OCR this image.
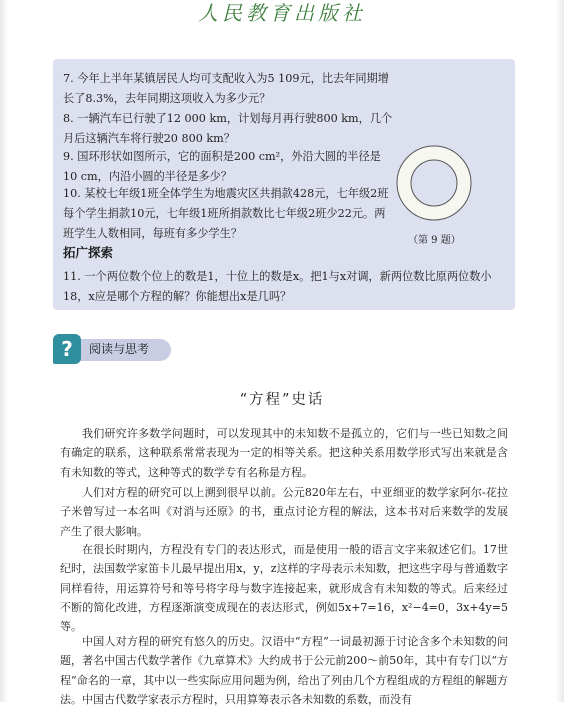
人民教育出版社
7. 今年上半年某镇居民人均可支配收入为5 109元，比去年同期增长了8.3%，去年同期这项收入为多少元？
8. 一辆汽车已行驶了12 000 km，计划每月再行驶800 km，几个月后这辆汽车将行驶20 800 km？
9. 国环形状如图所示，它的面积是200 cm²，外沿大圆的半径是10 cm，内沿小圆的半径是多少？
10. 某校七年级1班全体学生为地震灾区共捐款428元，七年级2班每个学生捐款10元，七年级1班所捐款数比七年级2班少22元。两班学生人数相同，每班有多少学生？
（第 9 题）
拓广探索
11. 一个两位数个位上的数是1，十位上的数是x。把1与x对调，新两位数比原两位数小18，x应是哪个方程的解？你能想出x是几吗？
?	阅读与思考
“方程”史话
我们研究许多数学问题时，可以发现其中的未知数不是孤立的，它们与一些已知数之间有确定的联系，这种联系常常表现为一定的相等关系。把这种关系用数学形式写出来就是含有未知数的等式，这种等式的数学专有名称是方程。
人们对方程的研究可以上溯到很早以前。公元820年左右，中亚细亚的数学家阿尔-花拉子米曾写过一本名叫《对消与还原》的书，重点讨论方程的解法，这本书对后来数学的发展产生了很大影响。
在很长时期内，方程没有专门的表达形式，而是使用一般的语言文字来叙述它们。17世纪时，法国数学家笛卡儿最早提出用x，y，z这样的字母表示未知数，把这些字母与普通数字同样看待，用运算符号和等号将字母与数字连接起来，就形成含有未知数的等式。后来经过不断的简化改进，方程逐渐演变成现在的表达形式，例如5x+7=16，x²−4=0，3x+4y=5等。
中国人对方程的研究有悠久的历史。汉语中“方程”一词最初源于讨论含多个未知数的问题，著名中国古代数学著作《九章算术》大约成书于公元前200～前50年，其中有专门以“方程”命名的一章，其中以一些实际应用问题为例，给出了列由几个方程组成的方程组的解题方法。中国古代数学家表示方程时，只用算筹表示各未知数的系数，而没有
